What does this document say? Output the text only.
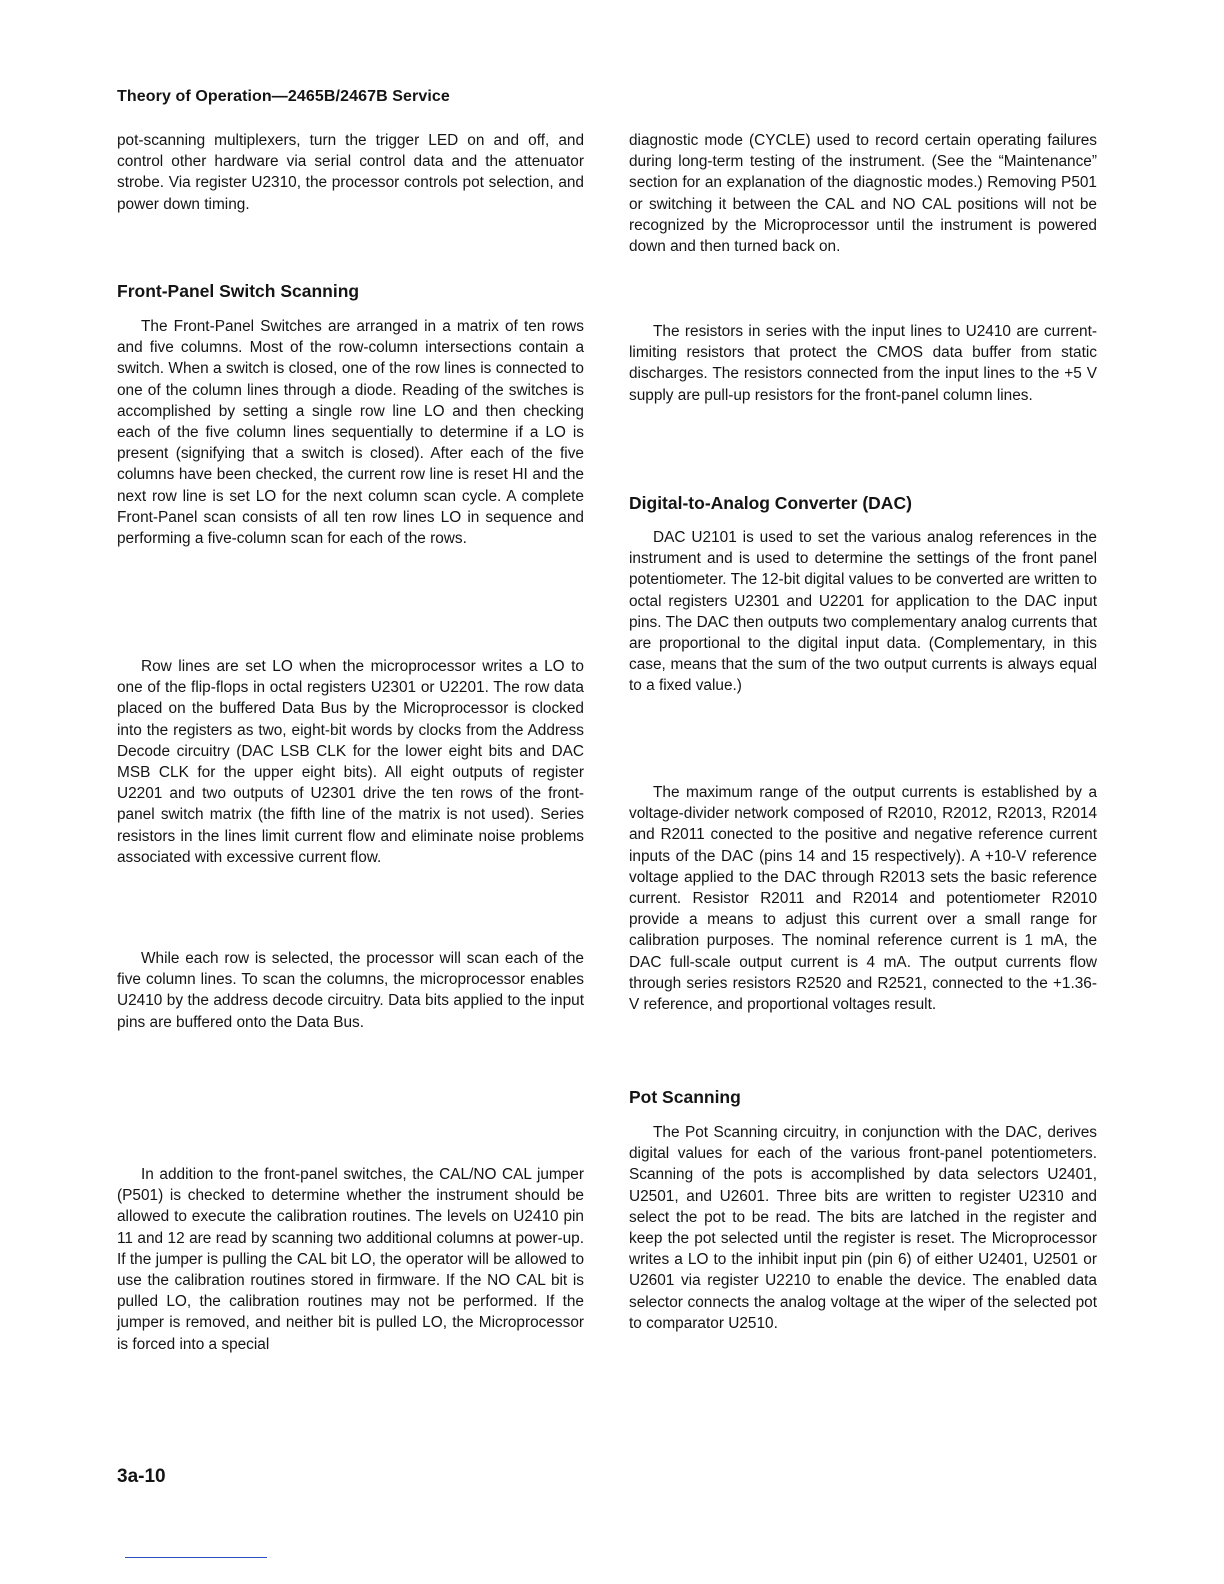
Theory of Operation—2465B/2467B Service

pot-scanning multiplexers, turn the trigger LED on and off, and control other hardware via serial control data and the attenuator strobe. Via register U2310, the processor controls pot selection, and power down timing.

Front-Panel Switch Scanning

The Front-Panel Switches are arranged in a matrix of ten rows and five columns. Most of the row-column intersections contain a switch. When a switch is closed, one of the row lines is connected to one of the column lines through a diode. Reading of the switches is accomplished by setting a single row line LO and then checking each of the five column lines sequentially to determine if a LO is present (signifying that a switch is closed). After each of the five columns have been checked, the current row line is reset HI and the next row line is set LO for the next column scan cycle. A complete Front-Panel scan consists of all ten row lines LO in sequence and performing a five-column scan for each of the rows.

Row lines are set LO when the microprocessor writes a LO to one of the flip-flops in octal registers U2301 or U2201. The row data placed on the buffered Data Bus by the Microprocessor is clocked into the registers as two, eight-bit words by clocks from the Address Decode circuitry (DAC LSB CLK for the lower eight bits and DAC MSB CLK for the upper eight bits). All eight outputs of register U2201 and two outputs of U2301 drive the ten rows of the front-panel switch matrix (the fifth line of the matrix is not used). Series resistors in the lines limit current flow and eliminate noise problems associated with excessive current flow.

While each row is selected, the processor will scan each of the five column lines. To scan the columns, the microprocessor enables U2410 by the address decode circuitry. Data bits applied to the input pins are buffered onto the Data Bus.

In addition to the front-panel switches, the CAL/NO CAL jumper (P501) is checked to determine whether the instrument should be allowed to execute the calibration routines. The levels on U2410 pin 11 and 12 are read by scanning two additional columns at power-up. If the jumper is pulling the CAL bit LO, the operator will be allowed to use the calibration routines stored in firmware. If the NO CAL bit is pulled LO, the calibration routines may not be performed. If the jumper is removed, and neither bit is pulled LO, the Microprocessor is forced into a special

diagnostic mode (CYCLE) used to record certain operating failures during long-term testing of the instrument. (See the “Maintenance” section for an explanation of the diagnostic modes.) Removing P501 or switching it between the CAL and NO CAL positions will not be recognized by the Microprocessor until the instrument is powered down and then turned back on.

The resistors in series with the input lines to U2410 are current-limiting resistors that protect the CMOS data buffer from static discharges. The resistors connected from the input lines to the +5 V supply are pull-up resistors for the front-panel column lines.

Digital-to-Analog Converter (DAC)

DAC U2101 is used to set the various analog references in the instrument and is used to determine the settings of the front panel potentiometer. The 12-bit digital values to be converted are written to octal registers U2301 and U2201 for application to the DAC input pins. The DAC then outputs two complementary analog currents that are proportional to the digital input data. (Complementary, in this case, means that the sum of the two output currents is always equal to a fixed value.)

The maximum range of the output currents is established by a voltage-divider network composed of R2010, R2012, R2013, R2014 and R2011 conected to the positive and negative reference current inputs of the DAC (pins 14 and 15 respectively). A +10-V reference voltage applied to the DAC through R2013 sets the basic reference current. Resistor R2011 and R2014 and potentiometer R2010 provide a means to adjust this current over a small range for calibration purposes. The nominal reference current is 1 mA, the DAC full-scale output current is 4 mA. The output currents flow through series resistors R2520 and R2521, connected to the +1.36-V reference, and proportional voltages result.

Pot Scanning

The Pot Scanning circuitry, in conjunction with the DAC, derives digital values for each of the various front-panel potentiometers. Scanning of the pots is accomplished by data selectors U2401, U2501, and U2601. Three bits are written to register U2310 and select the pot to be read. The bits are latched in the register and keep the pot selected until the register is reset. The Microprocessor writes a LO to the inhibit input pin (pin 6) of either U2401, U2501 or U2601 via register U2210 to enable the device. The enabled data selector connects the analog voltage at the wiper of the selected pot to comparator U2510.

3a-10
